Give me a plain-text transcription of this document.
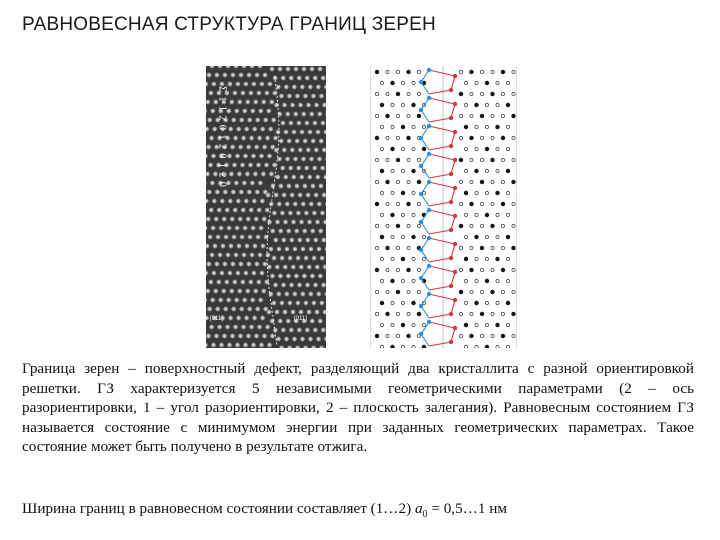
РАВНОВЕСНАЯ СТРУКТУРА ГРАНИЦ ЗЕРЕН
Σ 1 1 2 0 1 2 0 1 2 0
[011]	[011]

Граница зерен – поверхностный дефект, разделяющий два кристаллита с разной ориентировкой решетки. ГЗ характеризуется 5 независимыми геометрическими параметрами (2 – ось разориентировки, 1 – угол разориентировки, 2 – плоскость залегания). Равновесным состоянием ГЗ называется состояние с минимумом энергии при заданных геометрических параметрах. Такое состояние может быть получено в результате отжига.

Ширина границ в равновесном состоянии составляет (1…2) $a_0$ = 0,5…1 нм
